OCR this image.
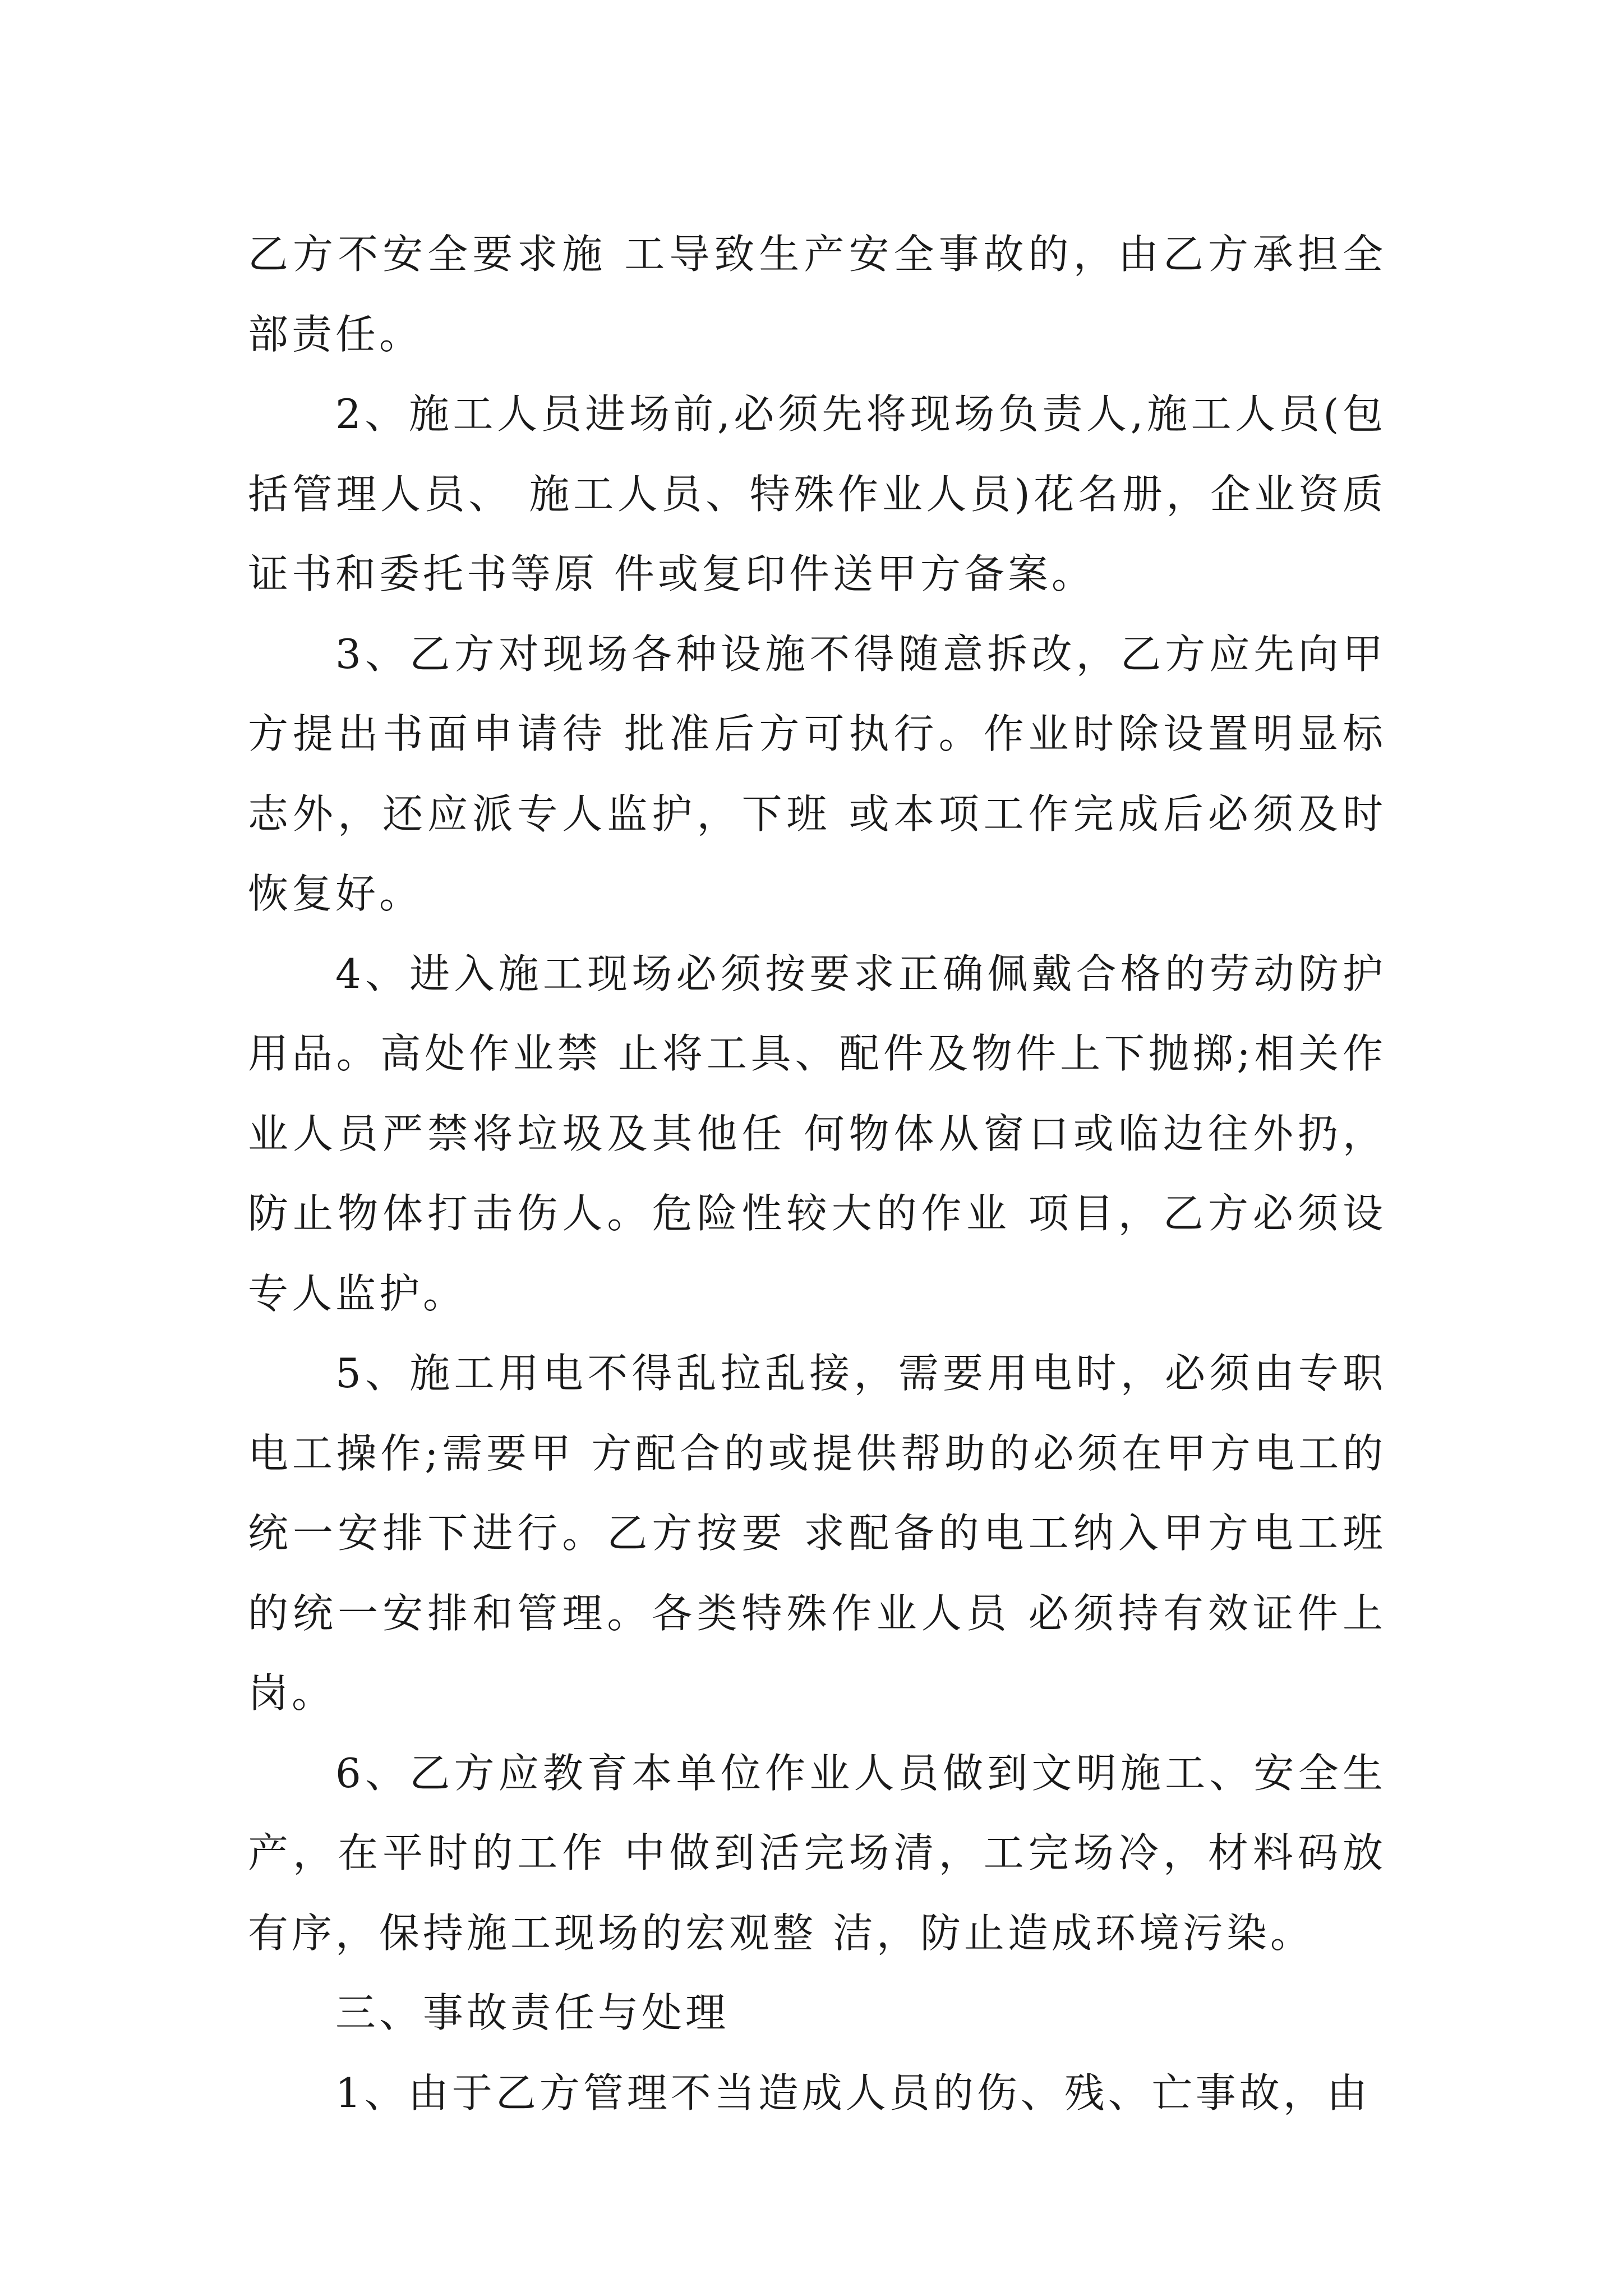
乙方不安全要求施 工导致生产安全事故的，由乙方承担全部责任。

2、施工人员进场前,必须先将现场负责人,施工人员(包括管理人员、 施工人员、特殊作业人员)花名册，企业资质证书和委托书等原 件或复印件送甲方备案。

3、乙方对现场各种设施不得随意拆改，乙方应先向甲方提出书面申请待 批准后方可执行。作业时除设置明显标志外，还应派专人监护，下班 或本项工作完成后必须及时恢复好。

4、进入施工现场必须按要求正确佩戴合格的劳动防护用品。高处作业禁 止将工具、配件及物件上下抛掷;相关作业人员严禁将垃圾及其他任 何物体从窗口或临边往外扔，防止物体打击伤人。危险性较大的作业 项目，乙方必须设专人监护。

5、施工用电不得乱拉乱接，需要用电时，必须由专职电工操作;需要甲 方配合的或提供帮助的必须在甲方电工的统一安排下进行。乙方按要 求配备的电工纳入甲方电工班的统一安排和管理。各类特殊作业人员 必须持有效证件上岗。

6、乙方应教育本单位作业人员做到文明施工、安全生产，在平时的工作 中做到活完场清，工完场冷，材料码放有序，保持施工现场的宏观整 洁，防止造成环境污染。

三、事故责任与处理

1、由于乙方管理不当造成人员的伤、残、亡事故，由
